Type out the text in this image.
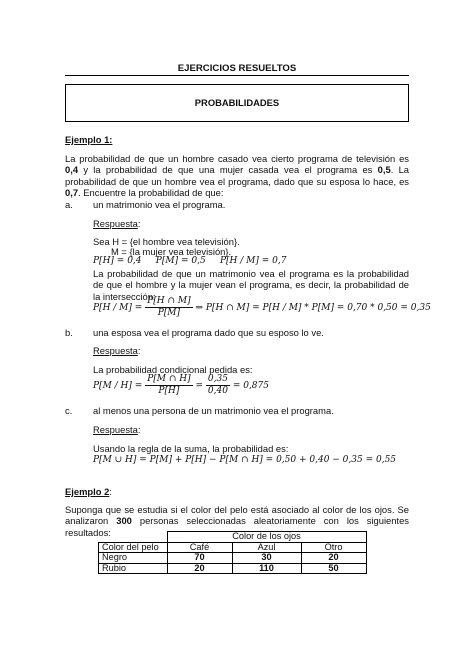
EJERCICIOS RESUELTOS
PROBABILIDADES
Ejemplo 1:
La probabilidad de que un hombre casado vea cierto programa de televisión es 0,4 y la probabilidad de que una mujer casada vea el programa es 0,5. La probabilidad de que un hombre vea el programa, dado que su esposa lo hace, es 0,7. Encuentre la probabilidad de que:
a. un matrimonio vea el programa.
Respuesta:
Sea H = {el hombre vea televisión}.
M = {la mujer vea televisión}.
P[H] = 0,4     P[M] = 0,5     P[H / M] = 0,7
La probabilidad de que un matrimonio vea el programa es la probabilidad de que el hombre y la mujer vean el programa, es decir, la probabilidad de la intersección:
$P[H / M] = \frac{P[H \cap M]}{P[M]}$ ⇒ P[H ∩ M] = P[H / M] * P[M] = 0,70 * 0,50 = 0,35
b. una esposa vea el programa dado que su esposo lo ve.
Respuesta:
La probabilidad condicional pedida es:
$P[M / H] = \frac{P[M \cap H]}{P[H]} = \frac{0,35}{0,40} = 0,875$
c. al menos una persona de un matrimonio vea el programa.
Respuesta:
Usando la regla de la suma, la probabilidad es:
P[M ∪ H] = P[M] + P[H] − P[M ∩ H] = 0,50 + 0,40 − 0,35 = 0,55
Ejemplo 2:
Suponga que se estudia si el color del pelo está asociado al color de los ojos. Se analizaron 300 personas seleccionadas aleatoriamente con los siguientes resultados:
		Color de los ojos		
Color del pelo	Café	Azul	Otro
Negro	70	30	20
Rubio	20	110	50
